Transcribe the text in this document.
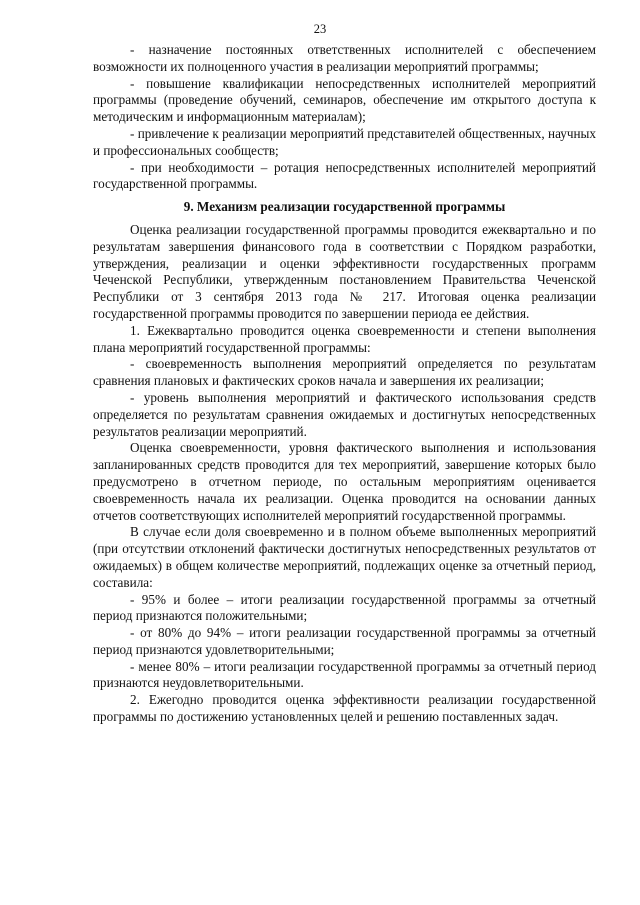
23

- назначение постоянных ответственных исполнителей с обеспечением возможности их полноценного участия в реализации мероприятий программы;

- повышение квалификации непосредственных исполнителей мероприятий программы (проведение обучений, семинаров, обеспечение им открытого доступа к методическим и информационным материалам);

- привлечение к реализации мероприятий представителей общественных, научных и профессиональных сообществ;

- при необходимости – ротация непосредственных исполнителей мероприятий государственной программы.

9. Механизм реализации государственной программы

Оценка реализации государственной программы проводится ежеквартально и по результатам завершения финансового года в соответствии с Порядком разработки, утверждения, реализации и оценки эффективности государственных программ Чеченской Республики, утвержденным постановлением Правительства Чеченской Республики от 3 сентября 2013 года № 217. Итоговая оценка реализации государственной программы проводится по завершении периода ее действия.

1. Ежеквартально проводится оценка своевременности и степени выполнения плана мероприятий государственной программы:

- своевременность выполнения мероприятий определяется по результатам сравнения плановых и фактических сроков начала и завершения их реализации;

- уровень выполнения мероприятий и фактического использования средств определяется по результатам сравнения ожидаемых и достигнутых непосредственных результатов реализации мероприятий.

Оценка своевременности, уровня фактического выполнения и использования запланированных средств проводится для тех мероприятий, завершение которых было предусмотрено в отчетном периоде, по остальным мероприятиям оценивается своевременность начала их реализации. Оценка проводится на основании данных отчетов соответствующих исполнителей мероприятий государственной программы.

В случае если доля своевременно и в полном объеме выполненных мероприятий (при отсутствии отклонений фактически достигнутых непосредственных результатов от ожидаемых) в общем количестве мероприятий, подлежащих оценке за отчетный период, составила:

- 95% и более – итоги реализации государственной программы за отчетный период признаются положительными;

- от 80% до 94% – итоги реализации государственной программы за отчетный период признаются удовлетворительными;

- менее 80% – итоги реализации государственной программы за отчетный период признаются неудовлетворительными.

2. Ежегодно проводится оценка эффективности реализации государственной программы по достижению установленных целей и решению поставленных задач.
